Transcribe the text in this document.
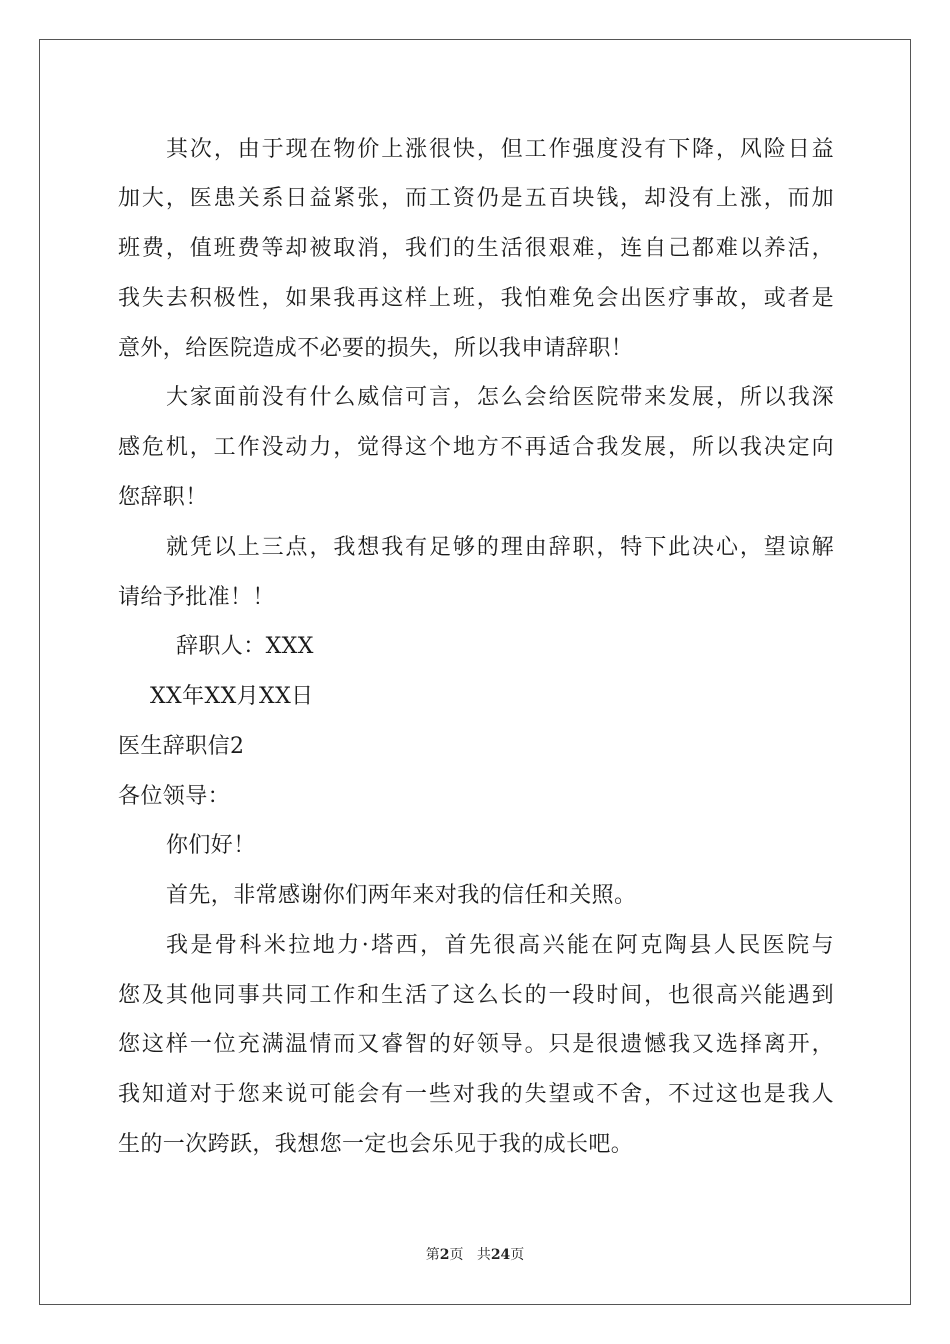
其次，由于现在物价上涨很快，但工作强度没有下降，风险日益
加大，医患关系日益紧张，而工资仍是五百块钱，却没有上涨，而加
班费，值班费等却被取消，我们的生活很艰难，连自己都难以养活，
我失去积极性，如果我再这样上班，我怕难免会出医疗事故，或者是
意外，给医院造成不必要的损失，所以我申请辞职！
大家面前没有什么威信可言，怎么会给医院带来发展，所以我深
感危机，工作没动力，觉得这个地方不再适合我发展，所以我决定向
您辞职！
就凭以上三点，我想我有足够的理由辞职，特下此决心，望谅解
请给予批准！！
辞职人：XXX
XX年XX月XX日
医生辞职信2
各位领导：
你们好！
首先，非常感谢你们两年来对我的信任和关照。
我是骨科米拉地力·塔西，首先很高兴能在阿克陶县人民医院与
您及其他同事共同工作和生活了这么长的一段时间，也很高兴能遇到
您这样一位充满温情而又睿智的好领导。只是很遗憾我又选择离开，
我知道对于您来说可能会有一些对我的失望或不舍，不过这也是我人
生的一次跨跃，我想您一定也会乐见于我的成长吧。
第2页 共24页
